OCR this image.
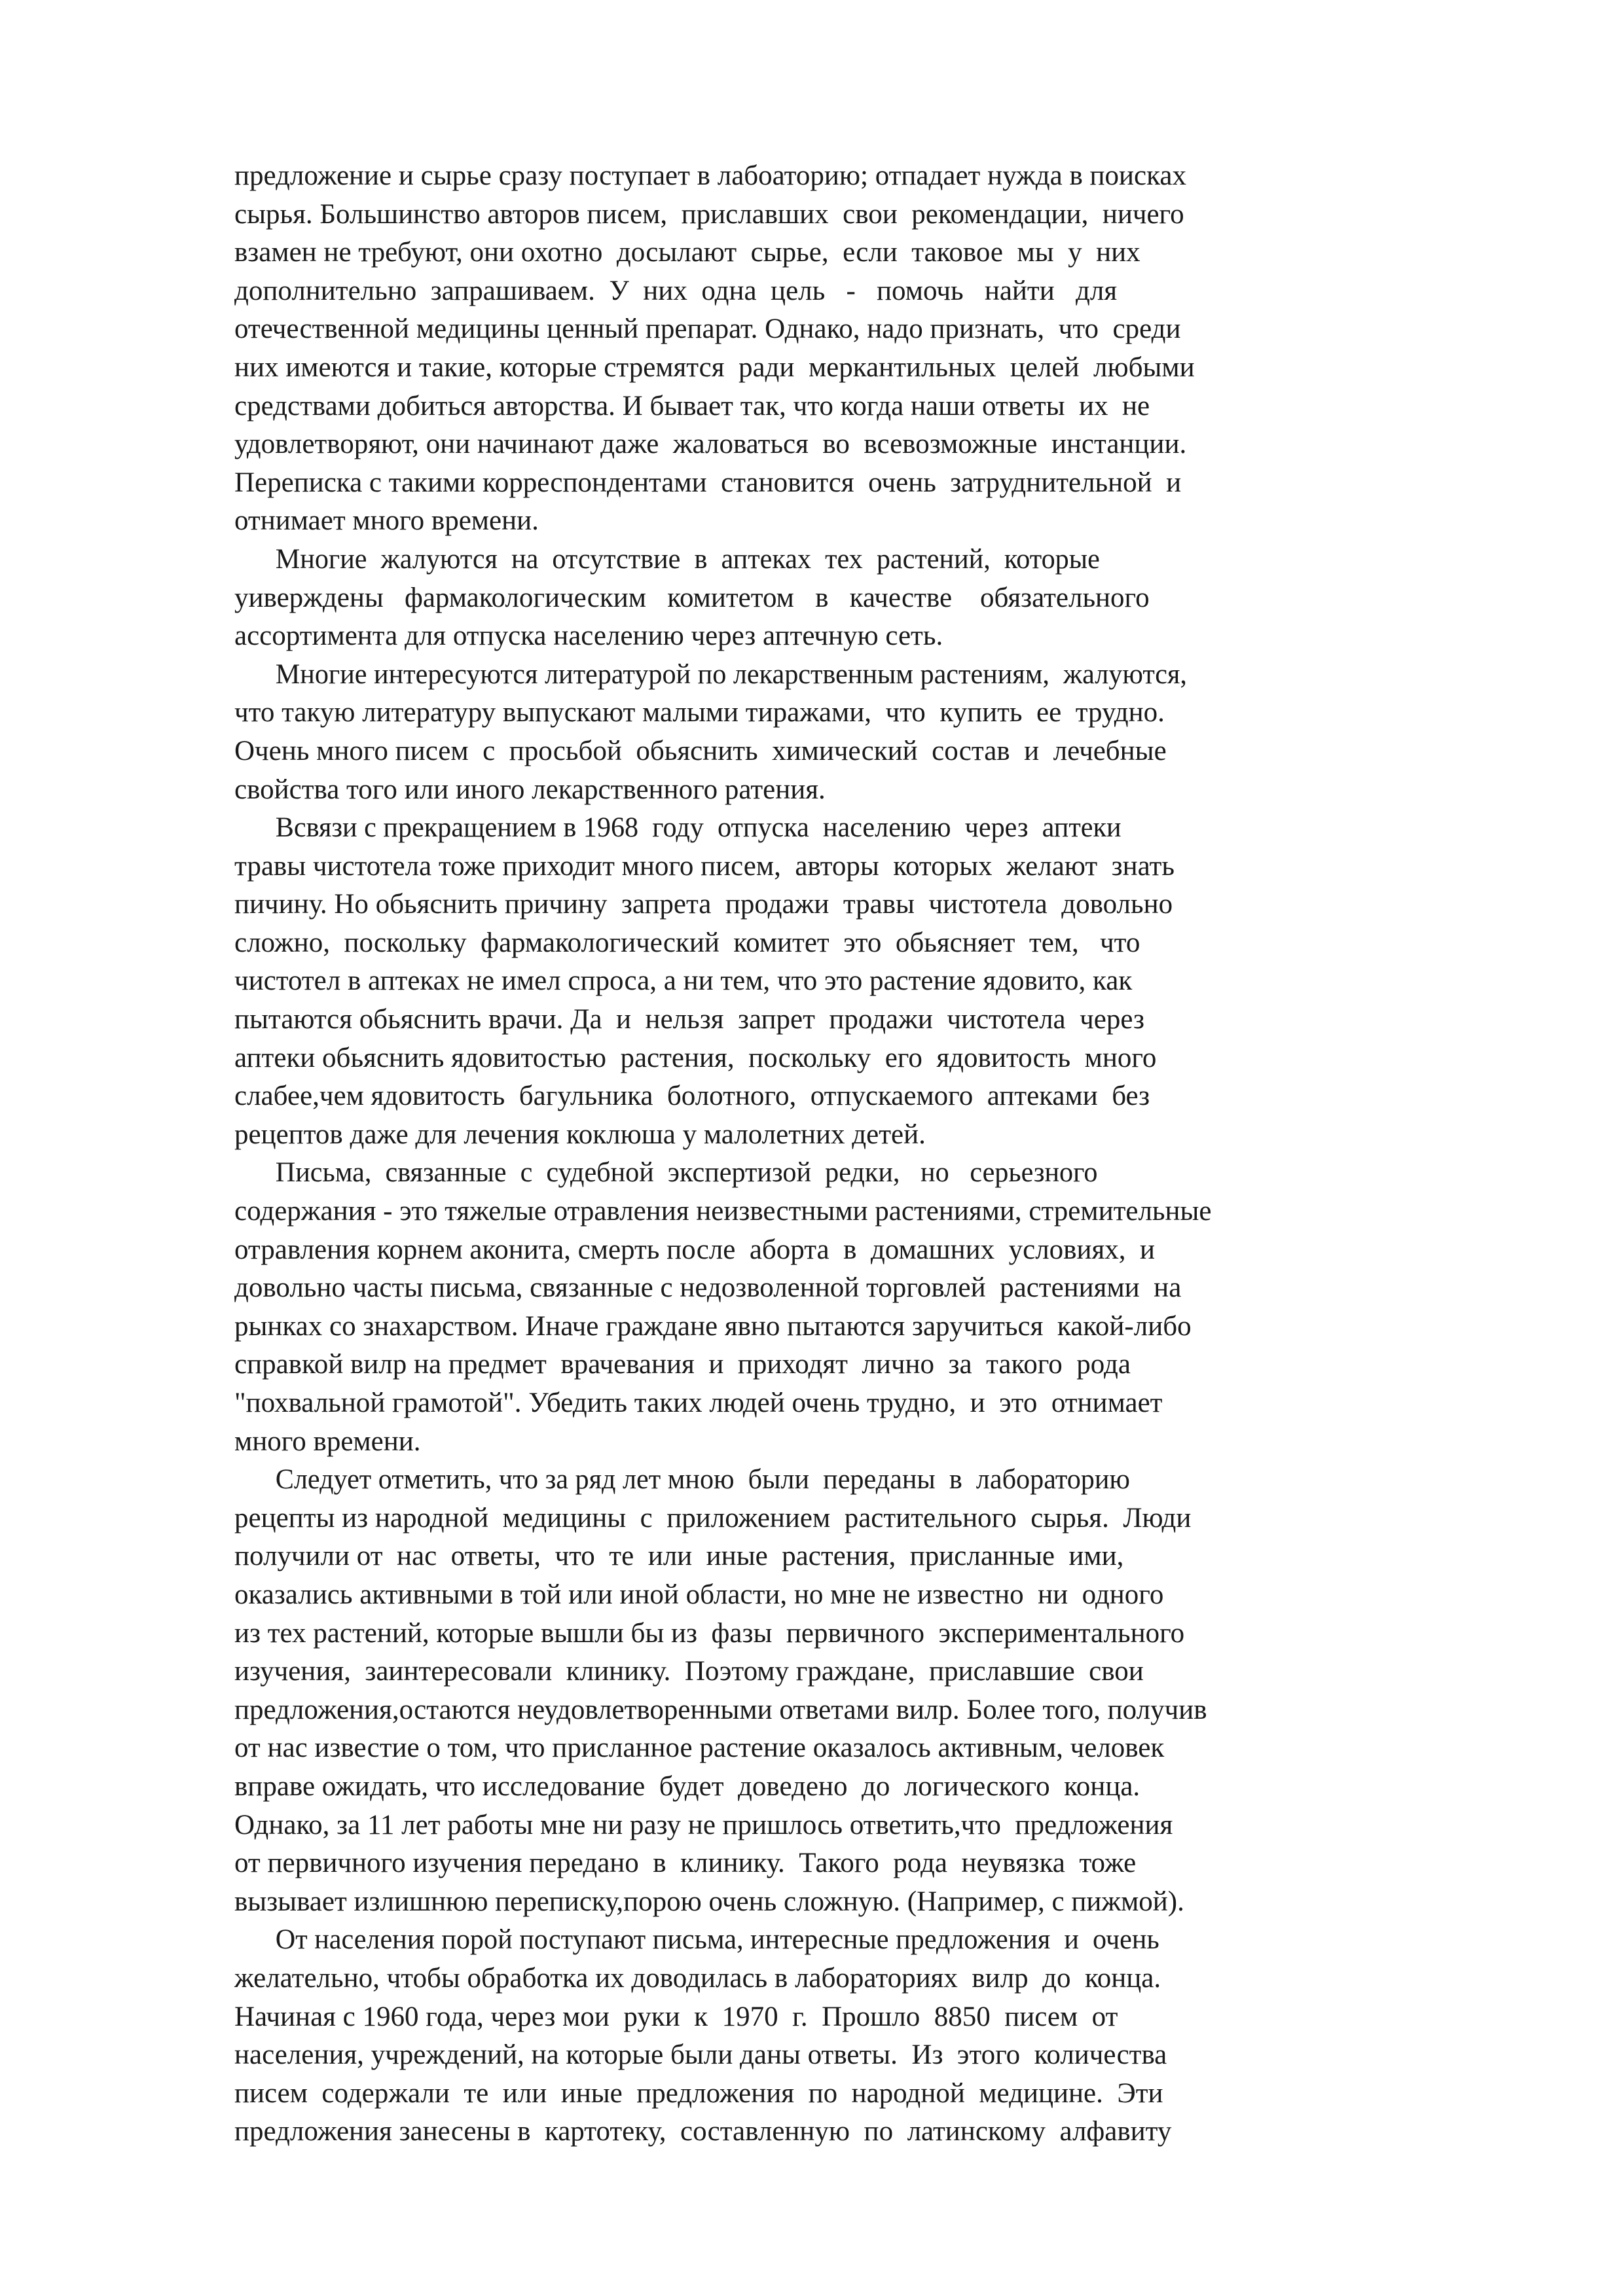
предложение и сырье сразу поступает в лабоаторию; отпадает нужда в поисках
сырья. Большинство авторов писем,  приславших  свои  рекомендации,  ничего
взамен не требуют, они охотно  досылают  сырье,  если  таковое  мы  у  них
дополнительно  запрашиваем.  У  них  одна  цель   -   помочь   найти   для
отечественной медицины ценный препарат. Однако, надо признать,  что  среди
них имеются и такие, которые стремятся  ради  меркантильных  целей  любыми
средствами добиться авторства. И бывает так, что когда наши ответы  их  не
удовлетворяют, они начинают даже  жаловаться  во  всевозможные  инстанции.
Переписка с такими корреспондентами  становится  очень  затруднительной  и
отнимает много времени.
Многие  жалуются  на  отсутствие  в  аптеках  тех  растений,  которые
уиверждены   фармакологическим   комитетом   в   качестве    обязательного
ассортимента для отпуска населению через аптечную сеть.
Многие интересуются литературой по лекарственным растениям,  жалуются,
что такую литературу выпускают малыми тиражами,  что  купить  ее  трудно.
Очень много писем  с  просьбой  обьяснить  химический  состав  и  лечебные
свойства того или иного лекарственного ратения.
Всвязи с прекращением в 1968  году  отпуска  населению  через  аптеки
травы чистотела тоже приходит много писем,  авторы  которых  желают  знать
пичину. Но обьяснить причину  запрета  продажи  травы  чистотела  довольно
сложно,  поскольку  фармакологический  комитет  это  обьясняет  тем,   что
чистотел в аптеках не имел спроса, а ни тем, что это растение ядовито, как
пытаются обьяснить врачи. Да  и  нельзя  запрет  продажи  чистотела  через
аптеки обьяснить ядовитостью  растения,  поскольку  его  ядовитость  много
слабее,чем ядовитость  багульника  болотного,  отпускаемого  аптеками  без
рецептов даже для лечения коклюша у малолетних детей.
Письма,  связанные  с  судебной  экспертизой  редки,   но   серьезного
содержания - это тяжелые отравления неизвестными растениями, стремительные
отравления корнем аконита, смерть после  аборта  в  домашних  условиях,  и
довольно часты письма, связанные с недозволенной торговлей  растениями  на
рынках со знахарством. Иначе граждане явно пытаются заручиться  какой-либо
справкой вилр на предмет  врачевания  и  приходят  лично  за  такого  рода
"похвальной грамотой". Убедить таких людей очень трудно,  и  это  отнимает
много времени.
Следует отметить, что за ряд лет мною  были  переданы  в  лабораторию
рецепты из народной  медицины  с  приложением  растительного  сырья.  Люди
получили от  нас  ответы,  что  те  или  иные  растения,  присланные  ими,
оказались активными в той или иной области, но мне не известно  ни  одного
из тех растений, которые вышли бы из  фазы  первичного  экспериментального
изучения,  заинтересовали  клинику.  Поэтому граждане,  приславшие  свои
предложения,остаются неудовлетворенными ответами вилр. Более того, получив
от нас известие о том, что присланное растение оказалось активным, человек
вправе ожидать, что исследование  будет  доведено  до  логического  конца.
Однако, за 11 лет работы мне ни разу не пришлось ответить,что  предложения
от первичного изучения передано  в  клинику.  Такого  рода  неувязка  тоже
вызывает излишнюю переписку,порою очень сложную. (Например, с пижмой).
От населения порой поступают письма, интересные предложения  и  очень
желательно, чтобы обработка их доводилась в лабораториях  вилр  до  конца.
Начиная с 1960 года, через мои  руки  к  1970  г.  Прошло  8850  писем  от
населения, учреждений, на которые были даны ответы.  Из  этого  количества
писем  содержали  те  или  иные  предложения  по  народной  медицине.  Эти
предложения занесены в  картотеку,  составленную  по  латинскому  алфавиту
